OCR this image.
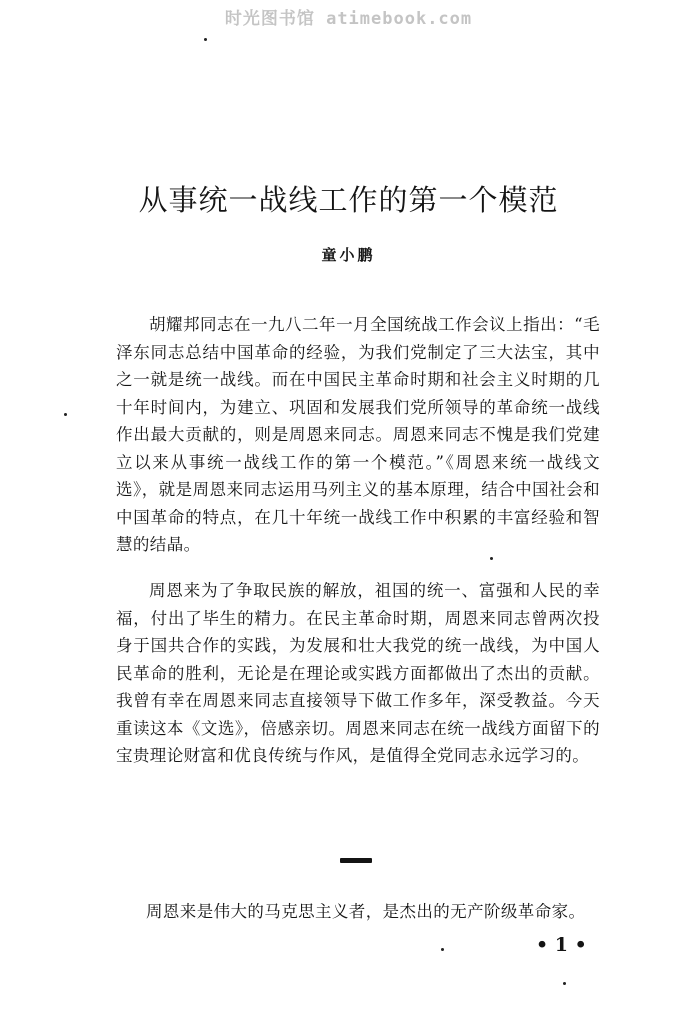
时光图书馆 atimebook.com
从事统一战线工作的第一个模范
童小鹏

胡耀邦同志在一九八二年一月全国统战工作会议上指出：“毛泽东同志总结中国革命的经验，为我们党制定了三大法宝，其中之一就是统一战线。而在中国民主革命时期和社会主义时期的几十年时间内，为建立、巩固和发展我们党所领导的革命统一战线作出最大贡献的，则是周恩来同志。周恩来同志不愧是我们党建立以来从事统一战线工作的第一个模范。”《周恩来统一战线文选》，就是周恩来同志运用马列主义的基本原理，结合中国社会和中国革命的特点，在几十年统一战线工作中积累的丰富经验和智慧的结晶。

周恩来为了争取民族的解放，祖国的统一、富强和人民的幸福，付出了毕生的精力。在民主革命时期，周恩来同志曾两次投身于国共合作的实践，为发展和壮大我党的统一战线，为中国人民革命的胜利，无论是在理论或实践方面都做出了杰出的贡献。我曾有幸在周恩来同志直接领导下做工作多年，深受教益。今天重读这本《文选》，倍感亲切。周恩来同志在统一战线方面留下的宝贵理论财富和优良传统与作风，是值得全党同志永远学习的。

周恩来是伟大的马克思主义者，是杰出的无产阶级革命家。
• 1 •
